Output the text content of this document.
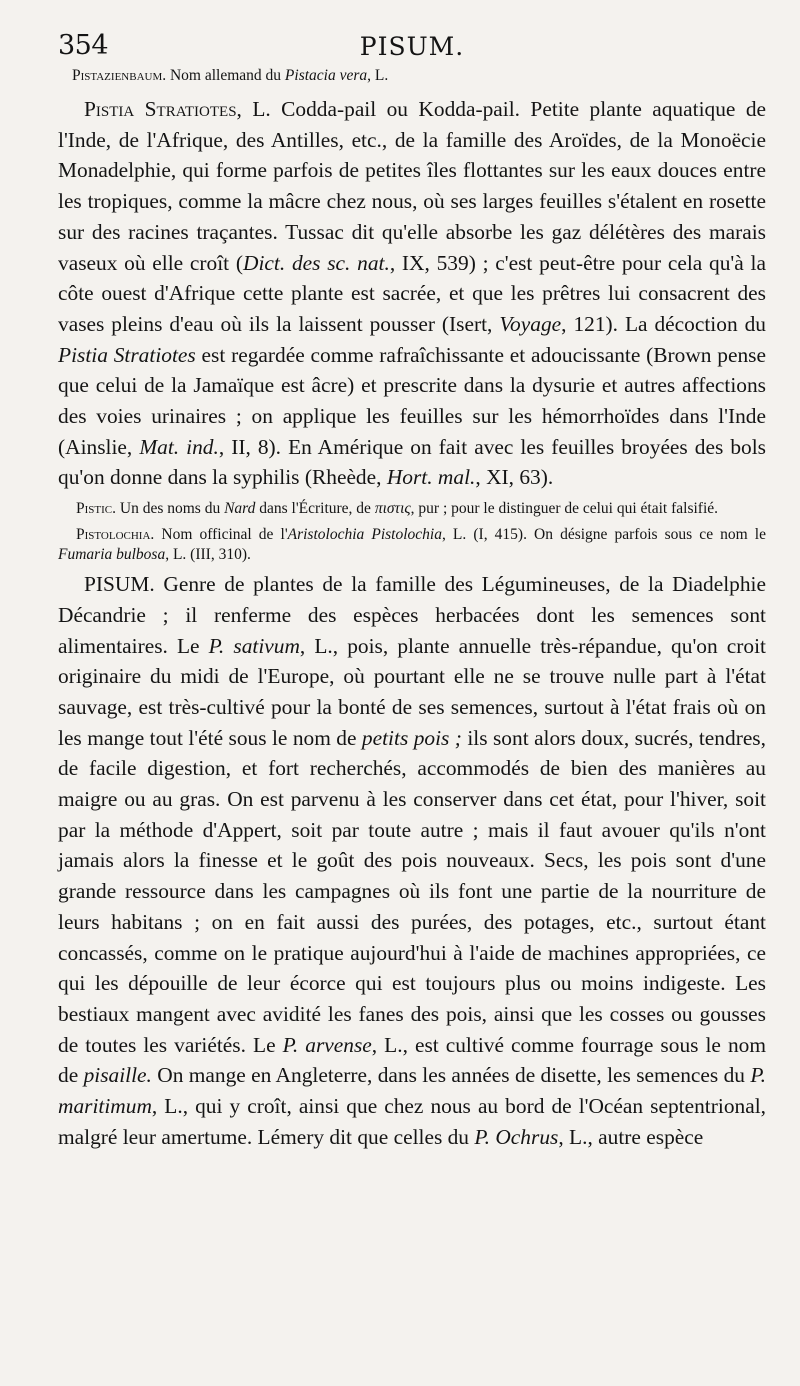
354	PISUM.

Pistazienbaum. Nom allemand du Pistacia vera, L.

Pistia Stratiotes, L. Codda-pail ou Kodda-pail. Petite plante aquatique de l'Inde, de l'Afrique, des Antilles, etc., de la famille des Aroïdes, de la Monoëcie Monadelphie, qui forme parfois de petites îles flottantes sur les eaux douces entre les tropiques, comme la mâcre chez nous, où ses larges feuilles s'étalent en rosette sur des racines traçantes. Tussac dit qu'elle absorbe les gaz délétères des marais vaseux où elle croît (Dict. des sc. nat., IX, 539) ; c'est peut-être pour cela qu'à la côte ouest d'Afrique cette plante est sacrée, et que les prêtres lui consacrent des vases pleins d'eau où ils la laissent pousser (Isert, Voyage, 121). La décoction du Pistia Stratiotes est regardée comme rafraîchissante et adoucissante (Brown pense que celui de la Jamaïque est âcre) et prescrite dans la dysurie et autres affections des voies urinaires ; on applique les feuilles sur les hémorrhoïdes dans l'Inde (Ainslie, Mat. ind., II, 8). En Amérique on fait avec les feuilles broyées des bols qu'on donne dans la syphilis (Rheède, Hort. mal., XI, 63).

Pistic. Un des noms du Nard dans l'Écriture, de πιστις, pur ; pour le distinguer de celui qui était falsifié.

Pistolochia. Nom officinal de l'Aristolochia Pistolochia, L. (I, 415). On désigne parfois sous ce nom le Fumaria bulbosa, L. (III, 310).

PISUM. Genre de plantes de la famille des Légumineuses, de la Diadelphie Décandrie ; il renferme des espèces herbacées dont les semences sont alimentaires. Le P. sativum, L., pois, plante annuelle très-répandue, qu'on croit originaire du midi de l'Europe, où pourtant elle ne se trouve nulle part à l'état sauvage, est très-cultivé pour la bonté de ses semences, surtout à l'état frais où on les mange tout l'été sous le nom de petits pois ; ils sont alors doux, sucrés, tendres, de facile digestion, et fort recherchés, accommodés de bien des manières au maigre ou au gras. On est parvenu à les conserver dans cet état, pour l'hiver, soit par la méthode d'Appert, soit par toute autre ; mais il faut avouer qu'ils n'ont jamais alors la finesse et le goût des pois nouveaux. Secs, les pois sont d'une grande ressource dans les campagnes où ils font une partie de la nourriture de leurs habitans ; on en fait aussi des purées, des potages, etc., surtout étant concassés, comme on le pratique aujourd'hui à l'aide de machines appropriées, ce qui les dépouille de leur écorce qui est toujours plus ou moins indigeste. Les bestiaux mangent avec avidité les fanes des pois, ainsi que les cosses ou gousses de toutes les variétés. Le P. arvense, L., est cultivé comme fourrage sous le nom de pisaille. On mange en Angleterre, dans les années de disette, les semences du P. maritimum, L., qui y croît, ainsi que chez nous au bord de l'Océan septentrional, malgré leur amertume. Lémery dit que celles du P. Ochrus, L., autre espèce
